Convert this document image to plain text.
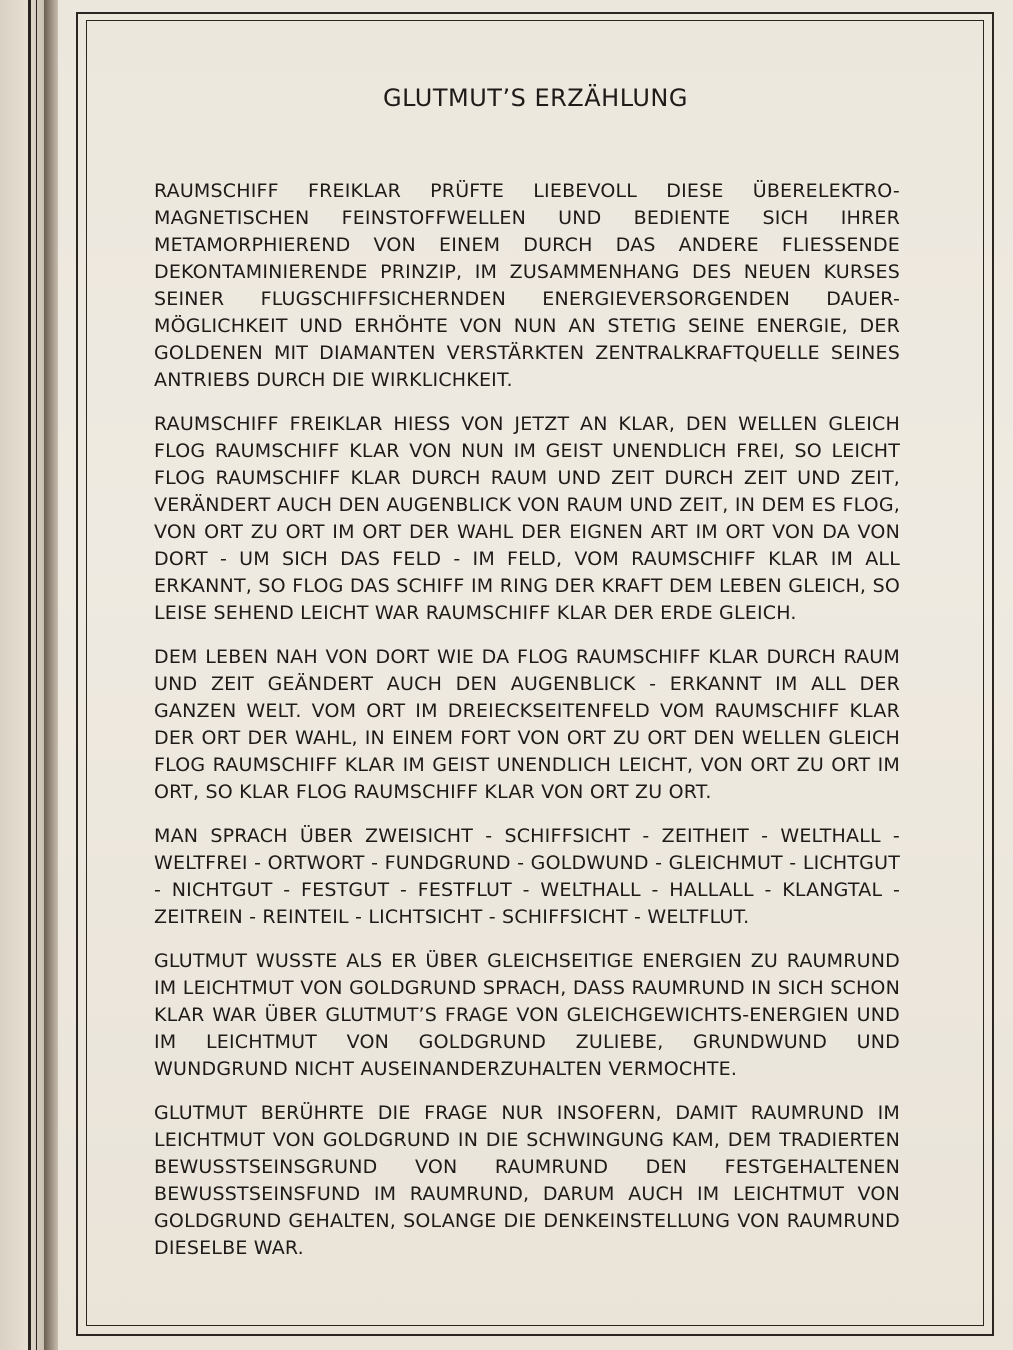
GLUTMUT’S ERZÄHLUNG

RAUMSCHIFF FREIKLAR PRÜFTE LIEBEVOLL DIESE ÜBERELEKTRO-MAGNETISCHEN FEINSTOFFWELLEN UND BEDIENTE SICH IHRER METAMORPHIEREND VON EINEM DURCH DAS ANDERE FLIESSENDE DEKONTAMINIERENDE PRINZIP, IM ZUSAMMENHANG DES NEUEN KURSES SEINER FLUGSCHIFFSICHERNDEN ENERGIEVERSORGENDEN DAUER-MÖGLICHKEIT UND ERHÖHTE VON NUN AN STETIG SEINE ENERGIE, DER GOLDENEN MIT DIAMANTEN VERSTÄRKTEN ZENTRALKRAFTQUELLE SEINES ANTRIEBS DURCH DIE WIRKLICHKEIT.

RAUMSCHIFF FREIKLAR HIESS VON JETZT AN KLAR, DEN WELLEN GLEICH FLOG RAUMSCHIFF KLAR VON NUN IM GEIST UNENDLICH FREI, SO LEICHT FLOG RAUMSCHIFF KLAR DURCH RAUM UND ZEIT DURCH ZEIT UND ZEIT, VERÄNDERT AUCH DEN AUGENBLICK VON RAUM UND ZEIT, IN DEM ES FLOG, VON ORT ZU ORT IM ORT DER WAHL DER EIGNEN ART IM ORT VON DA VON DORT - UM SICH DAS FELD - IM FELD, VOM RAUMSCHIFF KLAR IM ALL ERKANNT, SO FLOG DAS SCHIFF IM RING DER KRAFT DEM LEBEN GLEICH, SO LEISE SEHEND LEICHT WAR RAUMSCHIFF KLAR DER ERDE GLEICH.

DEM LEBEN NAH VON DORT WIE DA FLOG RAUMSCHIFF KLAR DURCH RAUM UND ZEIT GEÄNDERT AUCH DEN AUGENBLICK - ERKANNT IM ALL DER GANZEN WELT. VOM ORT IM DREIECKSEITENFELD VOM RAUMSCHIFF KLAR DER ORT DER WAHL, IN EINEM FORT VON ORT ZU ORT DEN WELLEN GLEICH FLOG RAUMSCHIFF KLAR IM GEIST UNENDLICH LEICHT, VON ORT ZU ORT IM ORT, SO KLAR FLOG RAUMSCHIFF KLAR VON ORT ZU ORT.

MAN SPRACH ÜBER ZWEISICHT - SCHIFFSICHT - ZEITHEIT - WELTHALL - WELTFREI - ORTWORT - FUNDGRUND - GOLDWUND - GLEICHMUT - LICHTGUT - NICHTGUT - FESTGUT - FESTFLUT - WELTHALL - HALLALL - KLANGTAL - ZEITREIN - REINTEIL - LICHTSICHT - SCHIFFSICHT - WELTFLUT.

GLUTMUT WUSSTE ALS ER ÜBER GLEICHSEITIGE ENERGIEN ZU RAUMRUND IM LEICHTMUT VON GOLDGRUND SPRACH, DASS RAUMRUND IN SICH SCHON KLAR WAR ÜBER GLUTMUT’S FRAGE VON GLEICHGEWICHTS-ENERGIEN UND IM LEICHTMUT VON GOLDGRUND ZULIEBE, GRUNDWUND UND WUNDGRUND NICHT AUSEINANDERZUHALTEN VERMOCHTE.

GLUTMUT BERÜHRTE DIE FRAGE NUR INSOFERN, DAMIT RAUMRUND IM LEICHTMUT VON GOLDGRUND IN DIE SCHWINGUNG KAM, DEM TRADIERTEN BEWUSSTSEINSGRUND VON RAUMRUND DEN FESTGEHALTENEN BEWUSSTSEINSFUND IM RAUMRUND, DARUM AUCH IM LEICHTMUT VON GOLDGRUND GEHALTEN, SOLANGE DIE DENKEINSTELLUNG VON RAUMRUND DIESELBE WAR.
